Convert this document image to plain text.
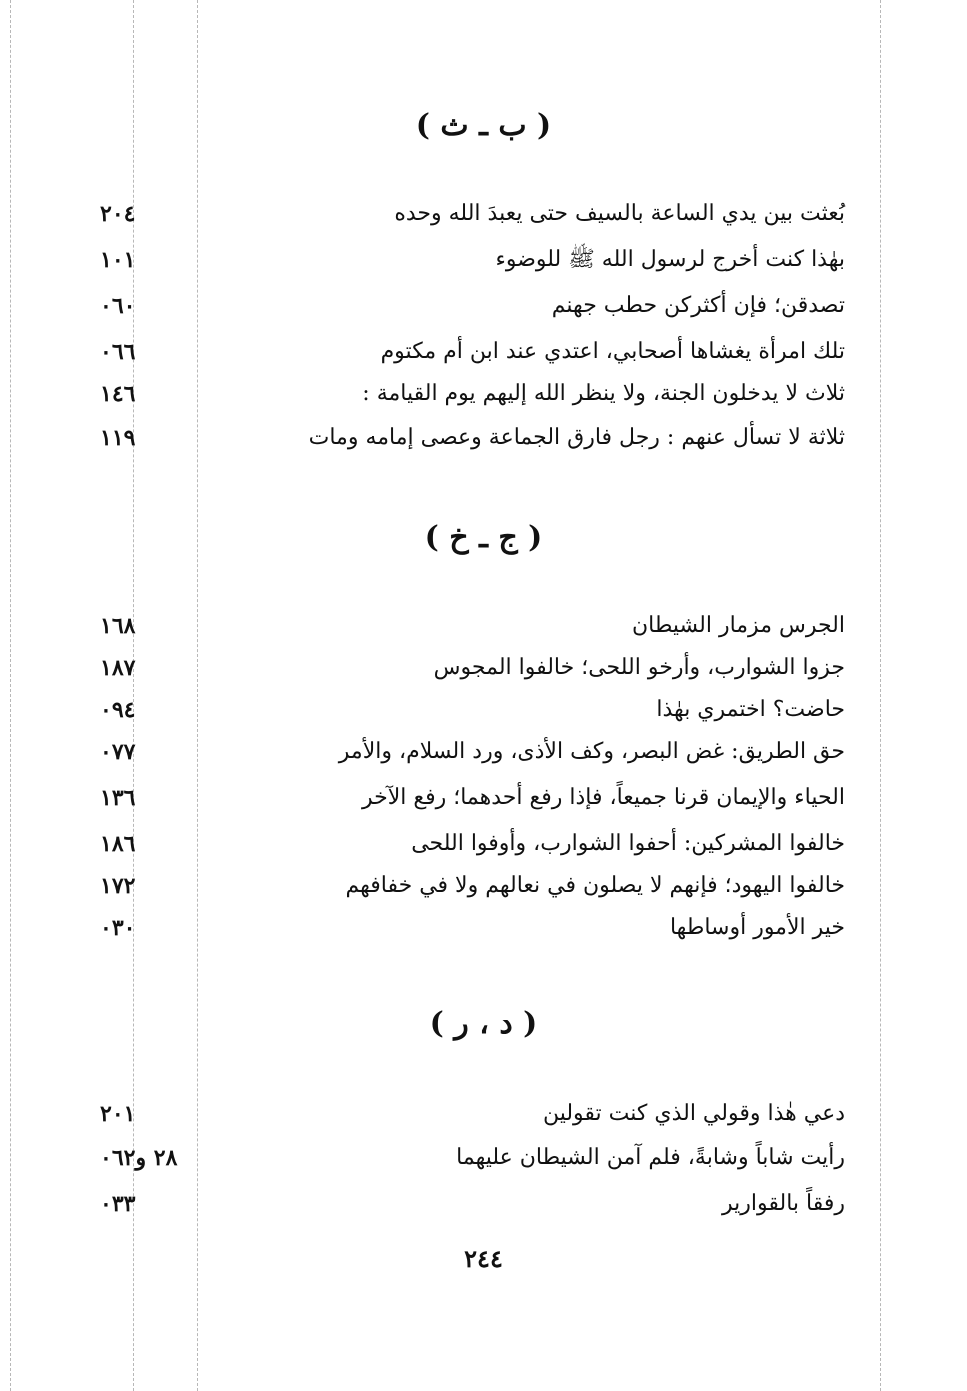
( ب ـ ث )
بُعثت بين يدي الساعة بالسيف حتى يعبدَ الله وحده
٢٠٤
بهٰذا كنت أخرج لرسول الله ﷺ للوضوء
١٠١
تصدقن؛ فإن أكثركن حطب جهنم
٠٦٠
تلك امرأة يغشاها أصحابي، اعتدي عند ابن أم مكتوم
٠٦٦
ثلاث لا يدخلون الجنة، ولا ينظر الله إليهم يوم القيامة :
١٤٦
ثلاثة لا تسأل عنهم : رجل فارق الجماعة وعصى إمامه ومات
١١٩
( ج ـ خ )
الجرس مزمار الشيطان
١٦٨
جزوا الشوارب، وأرخو اللحى؛ خالفوا المجوس
١٨٧
حاضت؟ اختمري بهٰذا
٠٩٤
حق الطريق: غض البصر، وكف الأذى، ورد السلام، والأمر
٠٧٧
الحياء والإيمان قرنا جميعاً، فإذا رفع أحدهما؛ رفع الآخر
١٣٦
خالفوا المشركين: أحفوا الشوارب، وأوفوا اللحى
١٨٦
خالفوا اليهود؛ فإنهم لا يصلون في نعالهم ولا في خفافهم
١٧٢
خير الأمور أوساطها
٠٣٠
( د ، ر )
دعي هٰذا وقولي الذي كنت تقولين
٢٠١
رأيت شاباً وشابةً، فلم آمن الشيطان عليهما
٢٨ و٠٦٢
رفقاً بالقوارير
٠٣٣
٢٤٤
